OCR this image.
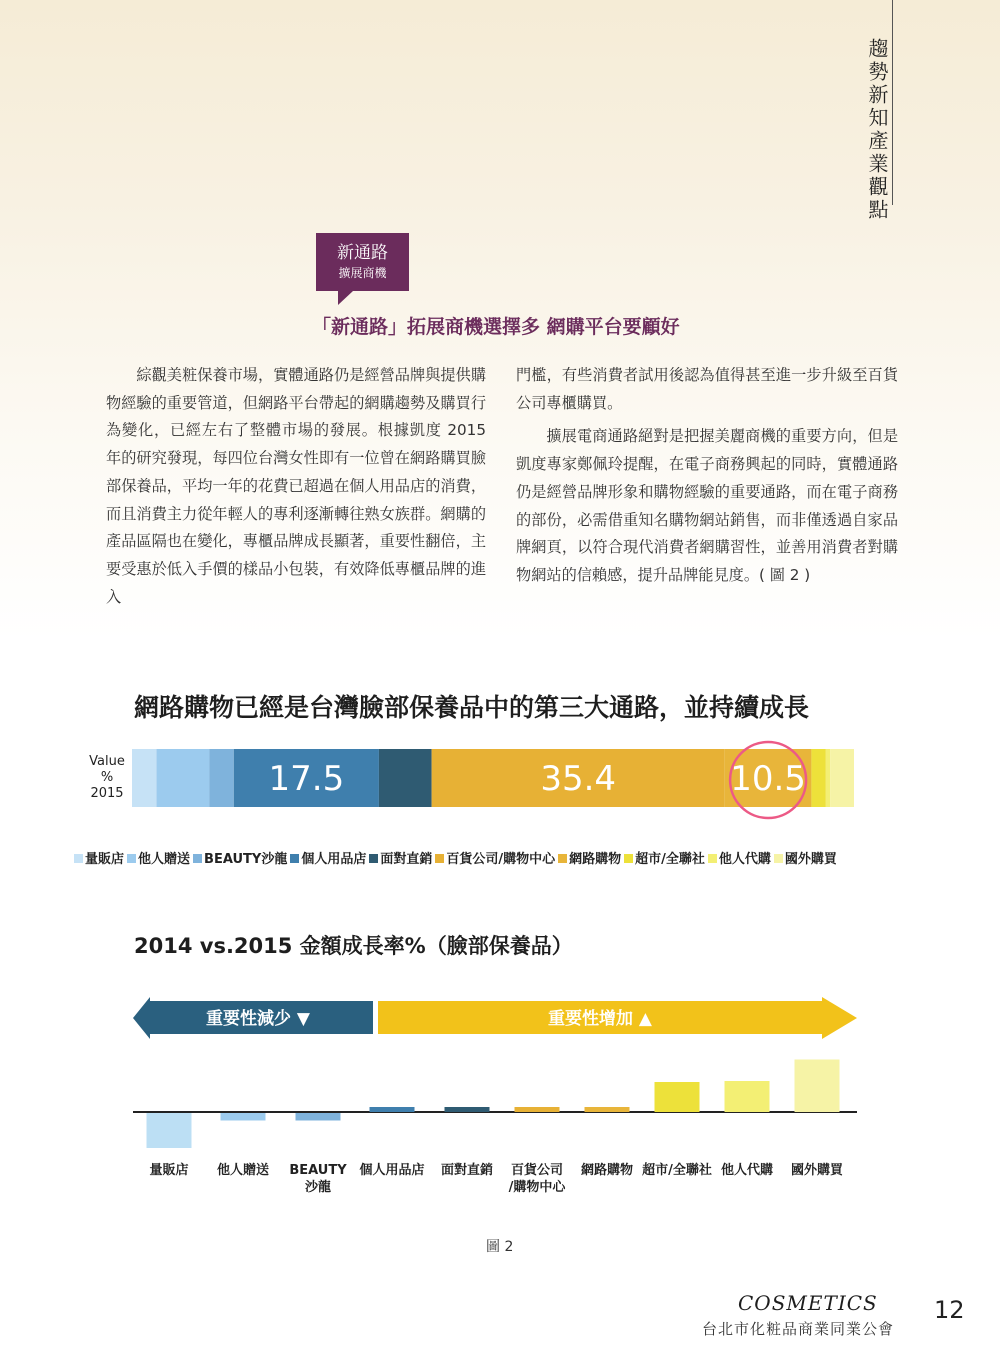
趨勢新知產業觀點
新通路
擴展商機
「新通路」拓展商機選擇多 網購平台要顧好

綜觀美粧保養市場，實體通路仍是經營品牌與提供購物經驗的重要管道，但網路平台帶起的網購趨勢及購買行為變化，已經左右了整體市場的發展。根據凱度 2015 年的研究發現，每四位台灣女性即有一位曾在網路購買臉部保養品，平均一年的花費已超過在個人用品店的消費，而且消費主力從年輕人的專利逐漸轉往熟女族群。網購的產品區隔也在變化，專櫃品牌成長顯著，重要性翻倍，主要受惠於低入手價的樣品小包裝，有效降低專櫃品牌的進入

門檻，有些消費者試用後認為值得甚至進一步升級至百貨公司專櫃購買。

擴展電商通路絕對是把握美麗商機的重要方向，但是凱度專家鄭佩玲提醒，在電子商務興起的同時，實體通路仍是經營品牌形象和購物經驗的重要通路，而在電子商務的部份，必需借重知名購物網站銷售，而非僅透過自家品牌網頁，以符合現代消費者網購習性，並善用消費者對購物網站的信賴感，提升品牌能見度。( 圖 2 )

網路購物已經是台灣臉部保養品中的第三大通路，並持續成長
Value
%
2015	17.5	35.4	10.5
重要性減少 ▼	重要性增加 ▲
量販店 他人贈送 BEAUTY沙龍 個人用品店 面對直銷 百貨公司/購物中心 網路購物 超市/全聯社 他人代購 國外購買
2014 vs.2015 金額成長率%（臉部保養品）
量販店	他人贈送	BEAUTY
沙龍
個人用品店	面對直銷	百貨公司
/購物中心
網路購物 超市/全聯社 他人代購	國外購買
圖 2
COSMETICS
台北市化粧品商業同業公會
12
